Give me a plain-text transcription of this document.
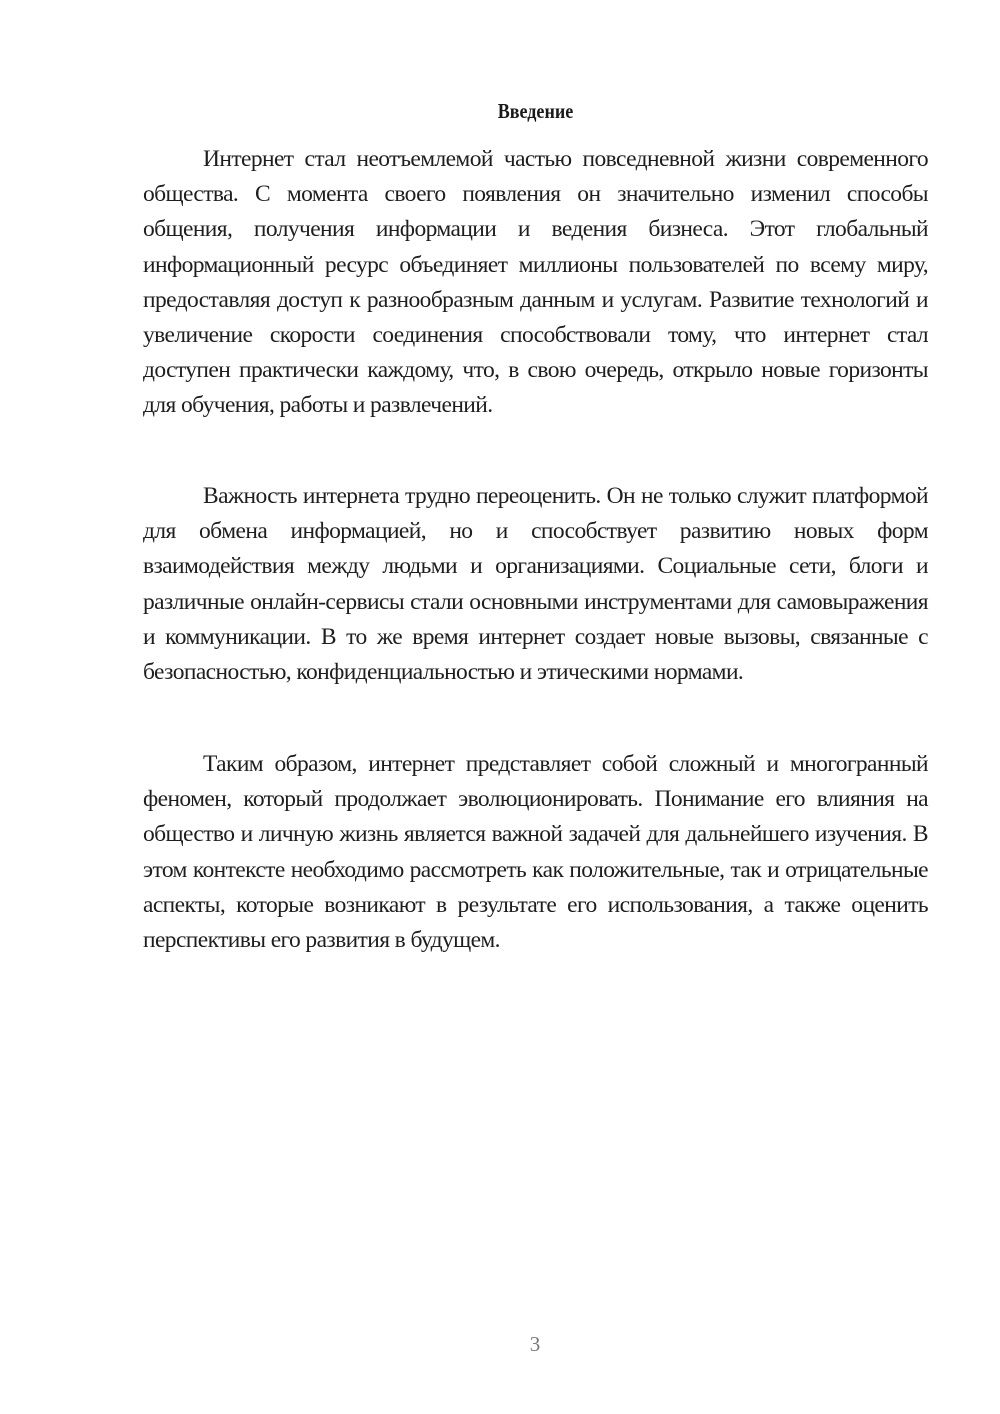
Введение

Интернет стал неотъемлемой частью повседневной жизни современного общества. С момента своего появления он значительно изменил способы общения, получения информации и ведения бизнеса. Этот глобальный информационный ресурс объединяет миллионы пользователей по всему миру, предоставляя доступ к разнообразным данным и услугам. Развитие технологий и увеличение скорости соединения способствовали тому, что интернет стал доступен практически каждому, что, в свою очередь, открыло новые горизонты для обучения, работы и развлечений.

Важность интернета трудно переоценить. Он не только служит платформой для обмена информацией, но и способствует развитию новых форм взаимодействия между людьми и организациями. Социальные сети, блоги и различные онлайн-сервисы стали основными инструментами для самовыражения и коммуникации. В то же время интернет создает новые вызовы, связанные с безопасностью, конфиденциальностью и этическими нормами.

Таким образом, интернет представляет собой сложный и многогранный феномен, который продолжает эволюционировать. Понимание его влияния на общество и личную жизнь является важной задачей для дальнейшего изучения. В этом контексте необходимо рассмотреть как положительные, так и отрицательные аспекты, которые возникают в результате его использования, а также оценить перспективы его развития в будущем.

3
